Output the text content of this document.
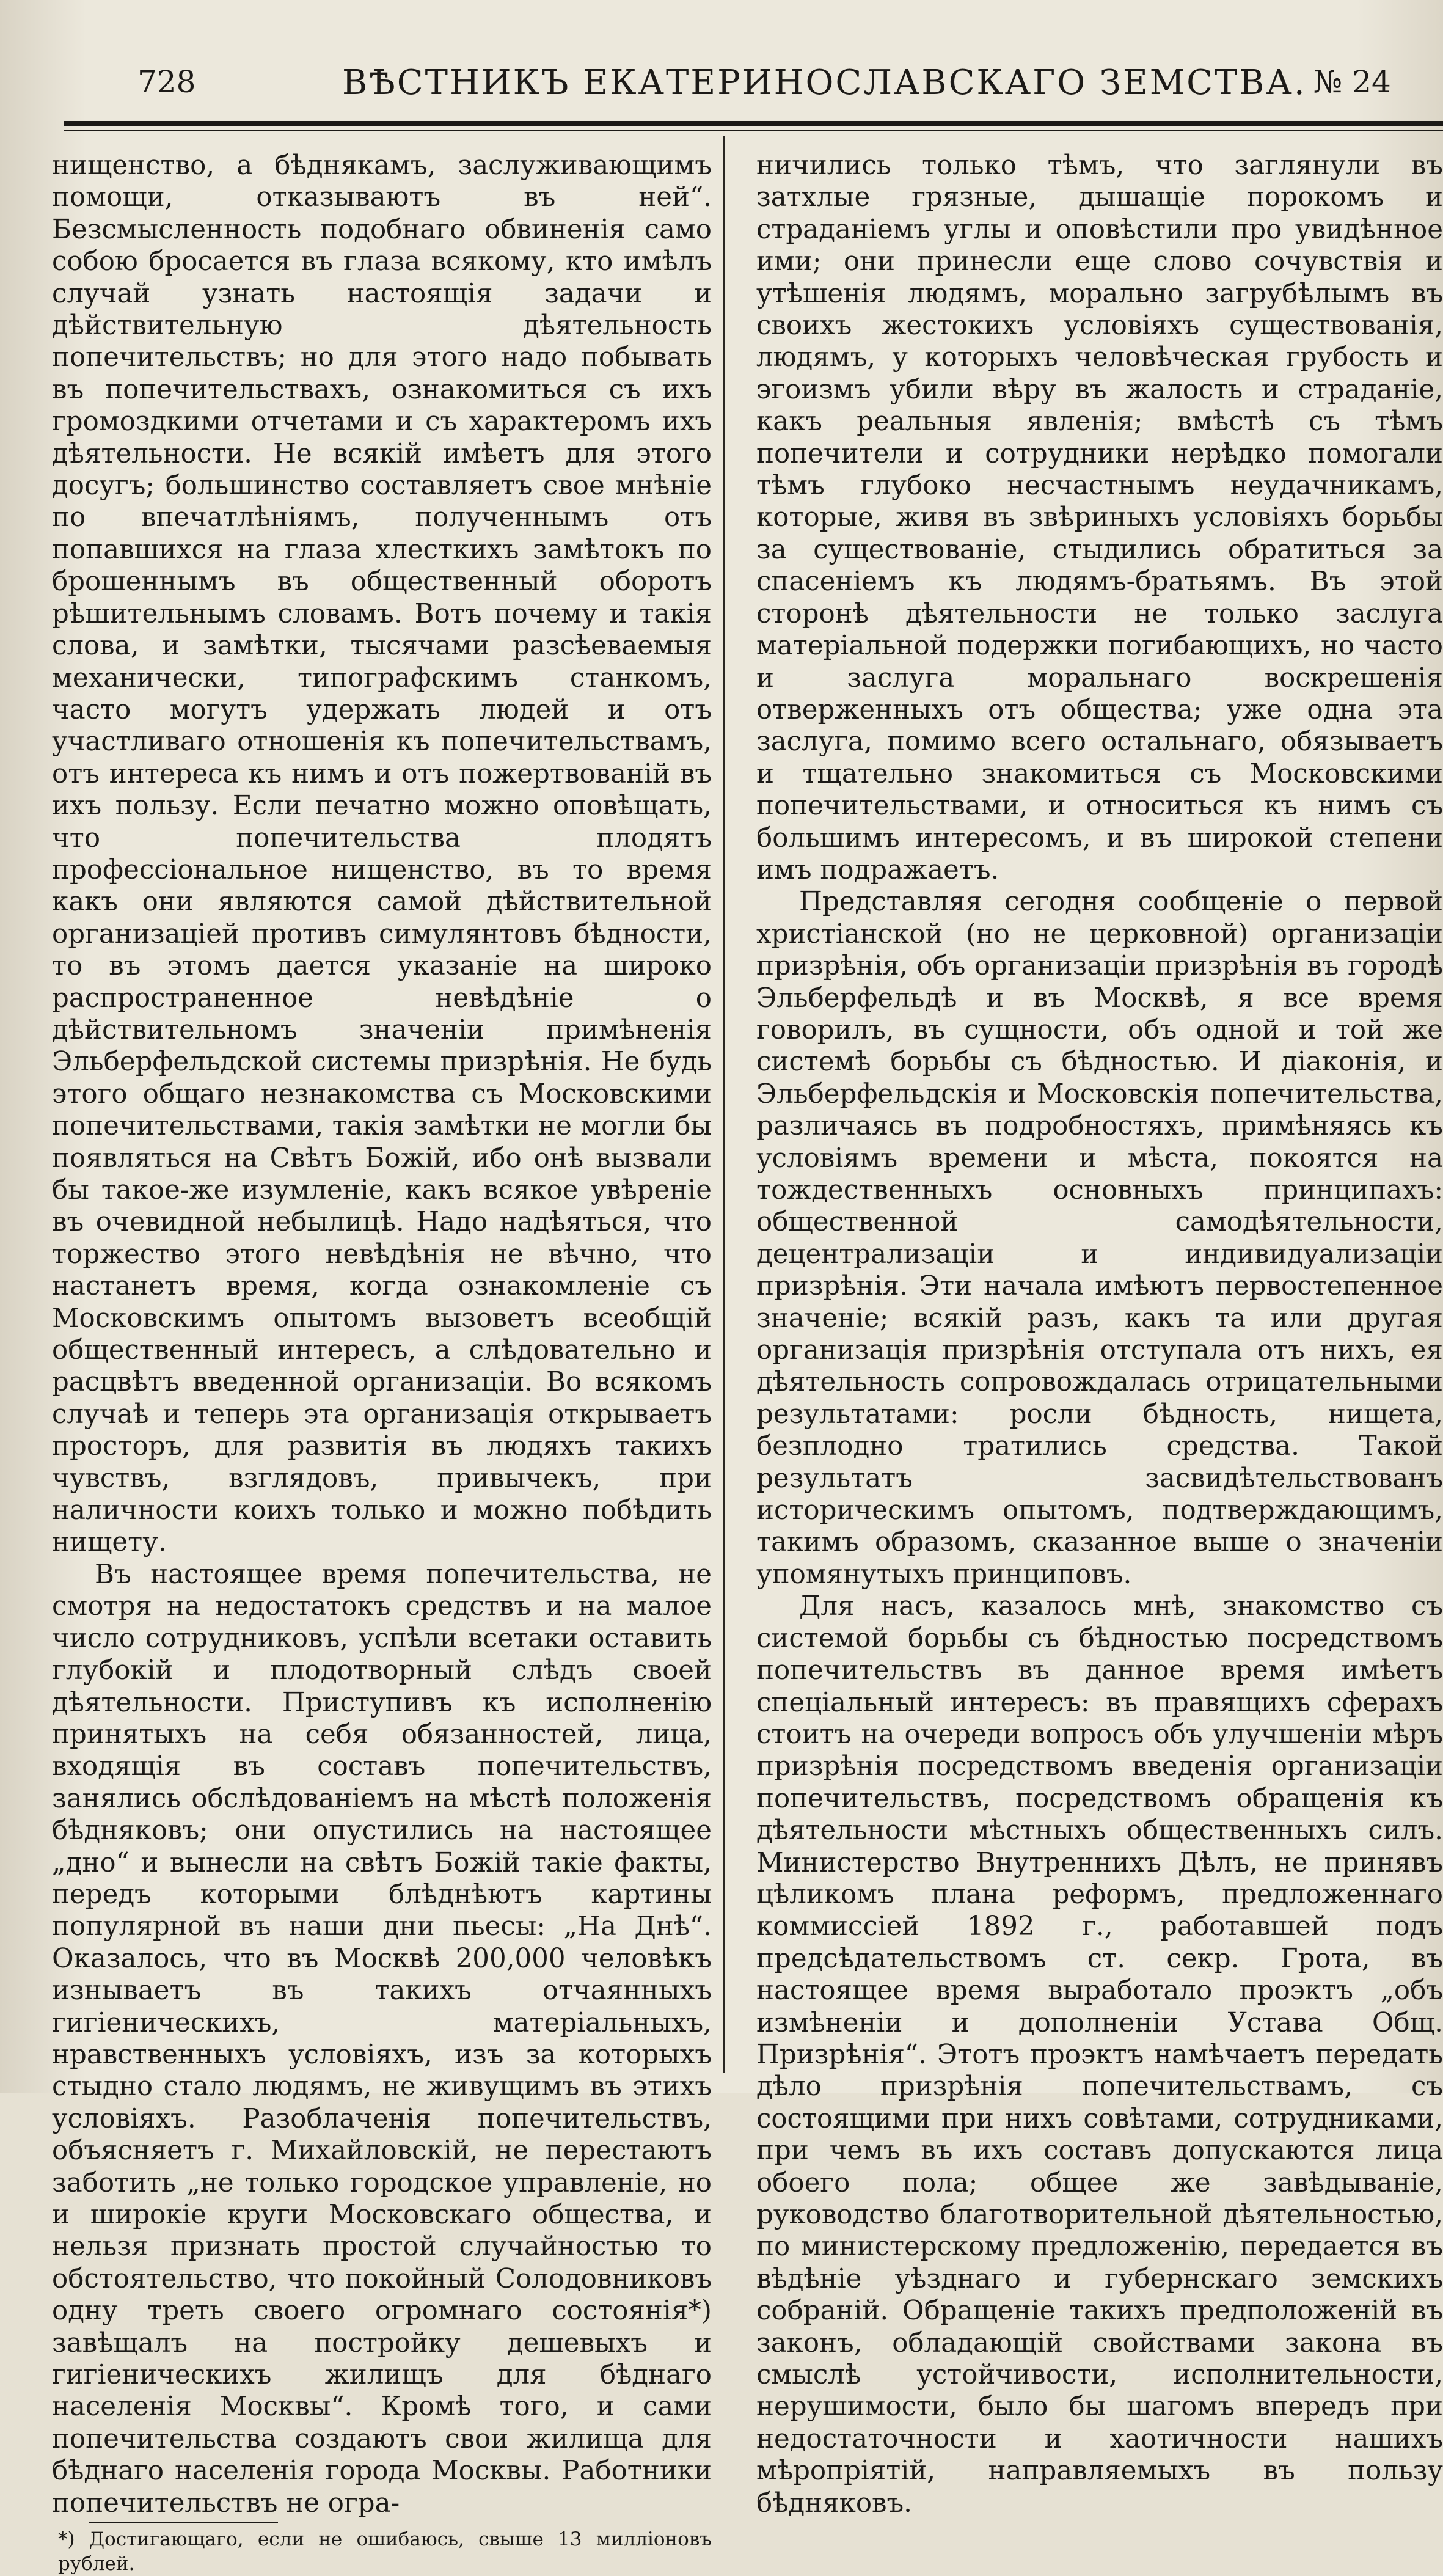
728	ВѢСТНИКЪ ЕКАТЕРИНОСЛАВСКАГО ЗЕМСТВА. № 24

нищенство, а бѣднякамъ, заслуживающимъ помощи, отказываютъ въ ней“. Безсмысленность подобнаго обвиненія само собою бросается въ глаза всякому, кто имѣлъ случай узнать настоящія задачи и дѣйствительную дѣятельность попечительствъ; но для этого надо побывать въ попечительствахъ, ознакомиться съ ихъ громоздкими отчетами и съ характеромъ ихъ дѣятельности. Не всякій имѣетъ для этого досугъ; большинство составляетъ свое мнѣніе по впечатлѣніямъ, полученнымъ отъ попавшихся на глаза хлесткихъ замѣтокъ по брошеннымъ въ общественный оборотъ рѣшительнымъ словамъ. Вотъ почему и такія слова, и замѣтки, тысячами разсѣеваемыя механически, типографскимъ станкомъ, часто могутъ удержать людей и отъ участливаго отношенія къ попечительствамъ, отъ интереса къ нимъ и отъ пожертвованій въ ихъ пользу. Если печатно можно оповѣщать, что попечительства плодятъ профессіональное нищенство, въ то время какъ они являются самой дѣйствительной организаціей противъ симулянтовъ бѣдности, то въ этомъ дается указаніе на широко распространенное невѣдѣніе о дѣйствительномъ значеніи примѣненія Эльберфельдской системы призрѣнія. Не будь этого общаго незнакомства съ Московскими попечительствами, такія замѣтки не могли бы появляться на Свѣтъ Божій, ибо онѣ вызвали бы такое-же изумленіе, какъ всякое увѣреніе въ очевидной небылицѣ. Надо надѣяться, что торжество этого невѣдѣнія не вѣчно, что настанетъ время, когда ознакомленіе съ Московскимъ опытомъ вызоветъ всеобщій общественный интересъ, а слѣдовательно и расцвѣтъ введенной организаціи. Во всякомъ случаѣ и теперь эта организація открываетъ просторъ, для развитія въ людяхъ такихъ чувствъ, взглядовъ, привычекъ, при наличности коихъ только и можно побѣдить нищету.

Въ настоящее время попечительства, не смотря на недостатокъ средствъ и на малое число сотрудниковъ, успѣли всетаки оставить глубокій и плодотворный слѣдъ своей дѣятельности. Приступивъ къ исполненію принятыхъ на себя обязанностей, лица, входящія въ составъ попечительствъ, занялись обслѣдованіемъ на мѣстѣ положенія бѣдняковъ; они опустились на настоящее „дно“ и вынесли на свѣтъ Божій такіе факты, передъ которыми блѣднѣютъ картины популярной въ наши дни пьесы: „На Днѣ“. Оказалось, что въ Москвѣ 200,000 человѣкъ изнываетъ въ такихъ отчаянныхъ гигіеническихъ, матеріальныхъ, нравственныхъ условіяхъ, изъ за которыхъ стыдно стало людямъ, не живущимъ въ этихъ условіяхъ. Разоблаченія попечительствъ, объясняетъ г. Михайловскій, не перестаютъ заботить „не только городское управленіе, но и широкіе круги Московскаго общества, и нельзя признать простой случайностью то обстоятельство, что покойный Солодовниковъ одну треть своего огромнаго состоянія*) завѣщалъ на постройку дешевыхъ и гигіеническихъ жилищъ для бѣднаго населенія Москвы“. Кромѣ того, и сами попечительства создаютъ свои жилища для бѣднаго населенія города Москвы. Работники попечительствъ не огра-

*) Достигающаго, если не ошибаюсь, свыше 13 милліоновъ рублей.

ничились только тѣмъ, что заглянули въ затхлые грязные, дышащіе порокомъ и страданіемъ углы и оповѣстили про увидѣнное ими; они принесли еще слово сочувствія и утѣшенія людямъ, морально загрубѣлымъ въ своихъ жестокихъ условіяхъ существованія, людямъ, у которыхъ человѣческая грубость и эгоизмъ убили вѣру въ жалость и страданіе, какъ реальныя явленія; вмѣстѣ съ тѣмъ попечители и сотрудники нерѣдко помогали тѣмъ глубоко несчастнымъ неудачникамъ, которые, живя въ звѣриныхъ условіяхъ борьбы за существованіе, стыдились обратиться за спасеніемъ къ людямъ-братьямъ. Въ этой сторонѣ дѣятельности не только заслуга матеріальной подержки погибающихъ, но часто и заслуга моральнаго воскрешенія отверженныхъ отъ общества; уже одна эта заслуга, помимо всего остальнаго, обязываетъ и тщательно знакомиться съ Московскими попечительствами, и относиться къ нимъ съ большимъ интересомъ, и въ широкой степени имъ подражаетъ.

Представляя сегодня сообщеніе о первой христіанской (но не церковной) организаціи призрѣнія, объ организаціи призрѣнія въ городѣ Эльберфельдѣ и въ Москвѣ, я все время говорилъ, въ сущности, объ одной и той же системѣ борьбы съ бѣдностью. И діаконія, и Эльберфельдскія и Московскія попечительства, различаясь въ подробностяхъ, примѣняясь къ условіямъ времени и мѣста, покоятся на тождественныхъ основныхъ принципахъ: общественной самодѣятельности, децентрализаціи и индивидуализаціи призрѣнія. Эти начала имѣютъ первостепенное значеніе; всякій разъ, какъ та или другая организація призрѣнія отступала отъ нихъ, ея дѣятельность сопровождалась отрицательными результатами: росли бѣдность, нищета, безплодно тратились средства. Такой результатъ засвидѣтельствованъ историческимъ опытомъ, подтверждающимъ, такимъ образомъ, сказанное выше о значеніи упомянутыхъ принциповъ.

Для насъ, казалось мнѣ, знакомство съ системой борьбы съ бѣдностью посредствомъ попечительствъ въ данное время имѣетъ спеціальный интересъ: въ правящихъ сферахъ стоитъ на очереди вопросъ объ улучшеніи мѣръ призрѣнія посредствомъ введенія организаціи попечительствъ, посредствомъ обращенія къ дѣятельности мѣстныхъ общественныхъ силъ. Министерство Внутреннихъ Дѣлъ, не принявъ цѣликомъ плана реформъ, предложеннаго коммиссіей 1892 г., работавшей подъ предсѣдательствомъ ст. секр. Грота, въ настоящее время выработало проэктъ „объ измѣненіи и дополненіи Устава Общ. Призрѣнія“. Этотъ проэктъ намѣчаетъ передать дѣло призрѣнія попечительствамъ, съ состоящими при нихъ совѣтами, сотрудниками, при чемъ въ ихъ составъ допускаются лица обоего пола; общее же завѣдываніе, руководство благотворительной дѣятельностью, по министерскому предложенію, передается въ вѣдѣніе уѣзднаго и губернскаго земскихъ собраній. Обращеніе такихъ предположеній въ законъ, обладающій свойствами закона въ смыслѣ устойчивости, исполнительности, нерушимости, было бы шагомъ впередъ при недостаточности и хаотичности нашихъ мѣропріятій, направляемыхъ въ пользу бѣдняковъ.
